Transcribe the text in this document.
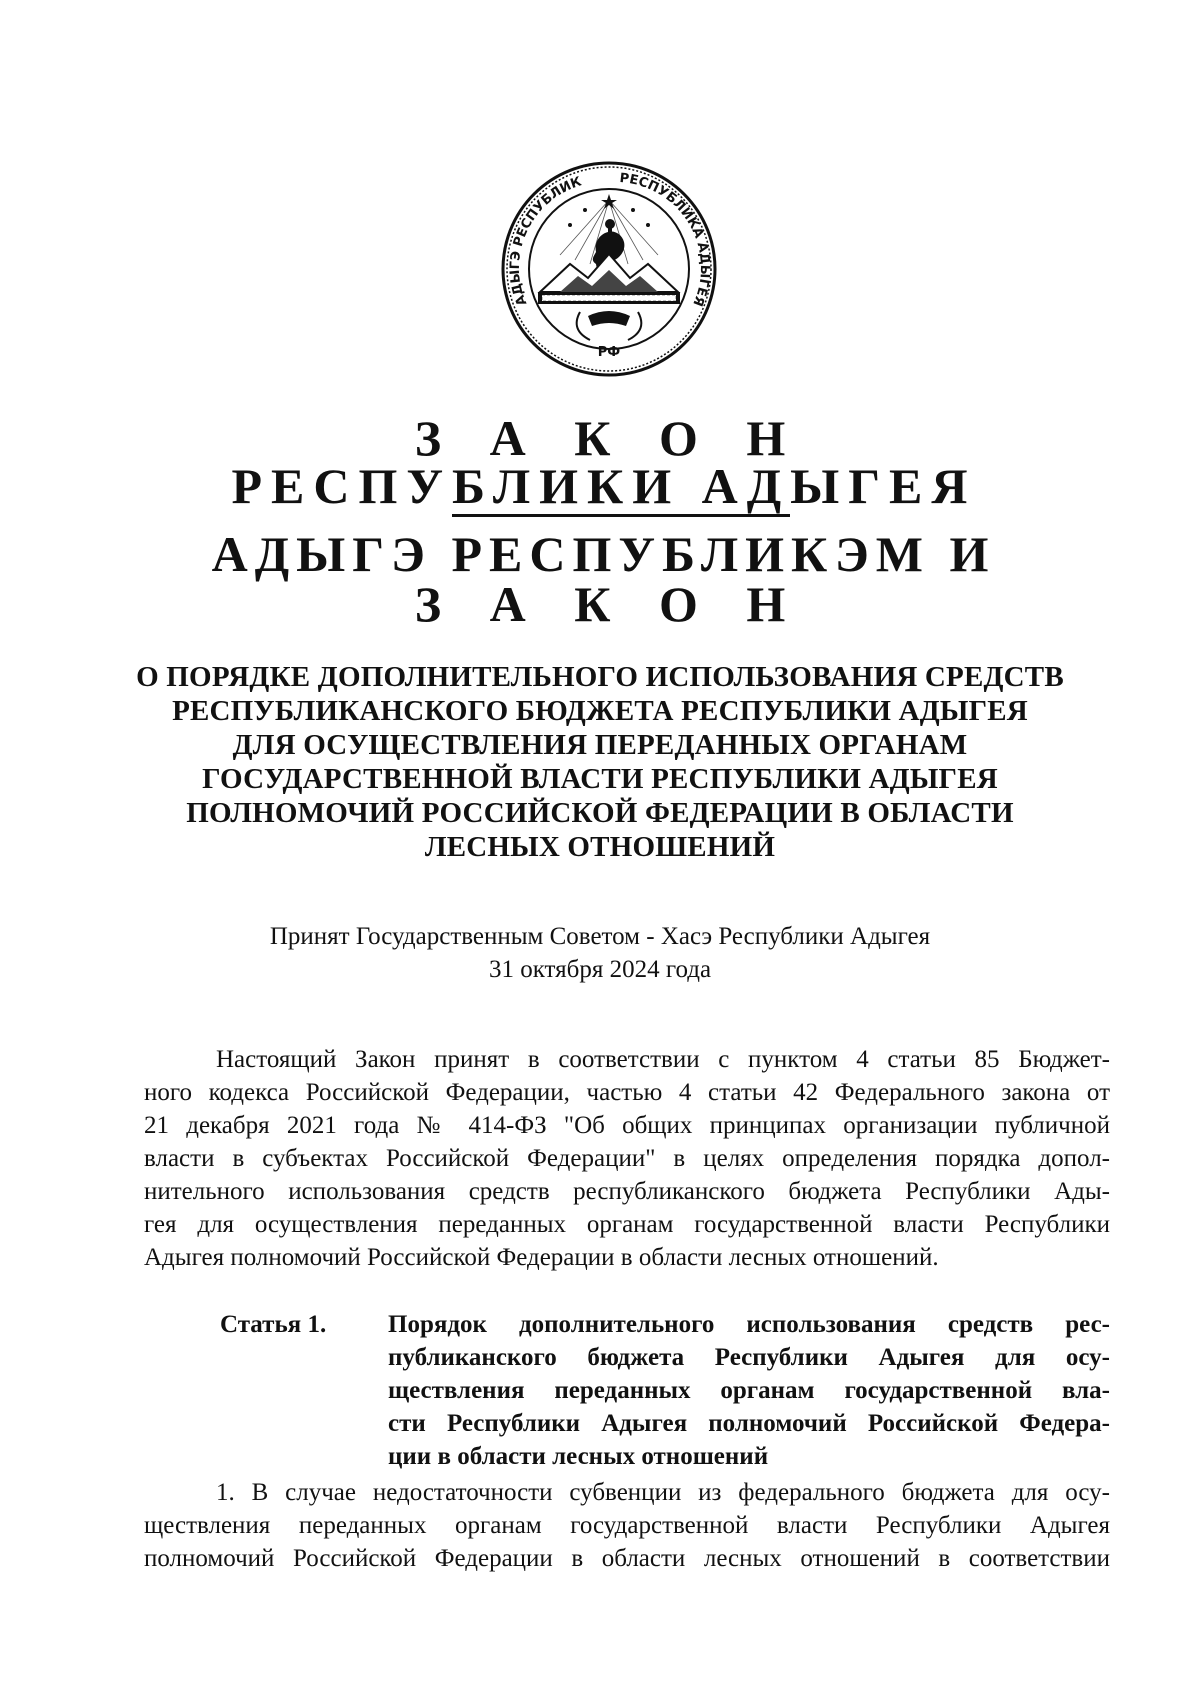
АДЫГЭ РЕСПУБЛИК	РЕСПУБЛИКА АДЫГЕЯ
РФ
З А К О Н
РЕСПУБЛИКИ АДЫГЕЯ
АДЫГЭ РЕСПУБЛИКЭМ И
З А К О Н
О ПОРЯДКЕ ДОПОЛНИТЕЛЬНОГО ИСПОЛЬЗОВАНИЯ СРЕДСТВ
РЕСПУБЛИКАНСКОГО БЮДЖЕТА РЕСПУБЛИКИ АДЫГЕЯ
ДЛЯ ОСУЩЕСТВЛЕНИЯ ПЕРЕДАННЫХ ОРГАНАМ
ГОСУДАРСТВЕННОЙ ВЛАСТИ РЕСПУБЛИКИ АДЫГЕЯ
ПОЛНОМОЧИЙ РОССИЙСКОЙ ФЕДЕРАЦИИ В ОБЛАСТИ
ЛЕСНЫХ ОТНОШЕНИЙ
Принят Государственным Советом - Хасэ Республики Адыгея
31 октября 2024 года
Настоящий Закон принят в соответствии с пунктом 4 статьи 85 Бюджет-
ного кодекса Российской Федерации, частью 4 статьи 42 Федерального закона от
21 декабря 2021 года № 414-ФЗ "Об общих принципах организации публичной
власти в субъектах Российской Федерации" в целях определения порядка допол-
нительного использования средств республиканского бюджета Республики Ады-
гея для осуществления переданных органам государственной власти Республики
Адыгея полномочий Российской Федерации в области лесных отношений.
Статья 1. Порядок дополнительного использования средств рес-
публиканского бюджета Республики Адыгея для осу-
ществления переданных органам государственной вла-
сти Республики Адыгея полномочий Российской Федера-
ции в области лесных отношений
1. В случае недостаточности субвенции из федерального бюджета для осу-
ществления переданных органам государственной власти Республики Адыгея
полномочий Российской Федерации в области лесных отношений в соответствии
